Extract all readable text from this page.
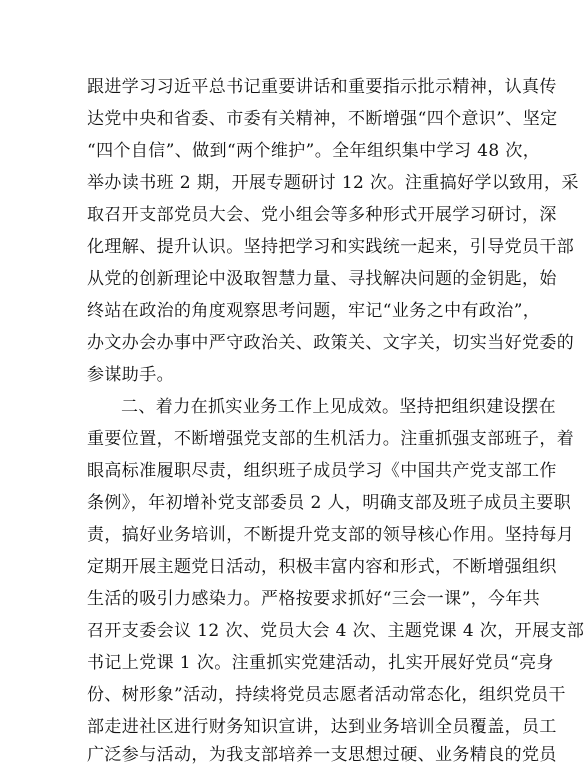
跟进学习习近平总书记重要讲话和重要指示批示精神，认真传
达党中央和省委、市委有关精神，不断增强“四个意识”、坚定
“四个自信”、做到“两个维护”。全年组织集中学习 48 次，
举办读书班 2 期，开展专题研讨 12 次。注重搞好学以致用，采
取召开支部党员大会、党小组会等多种形式开展学习研讨，深
化理解、提升认识。坚持把学习和实践统一起来，引导党员干部
从党的创新理论中汲取智慧力量、寻找解决问题的金钥匙，始
终站在政治的角度观察思考问题，牢记“业务之中有政治”，
办文办会办事中严守政治关、政策关、文字关，切实当好党委的
参谋助手。
二、着力在抓实业务工作上见成效。坚持把组织建设摆在
重要位置，不断增强党支部的生机活力。注重抓强支部班子，着
眼高标准履职尽责，组织班子成员学习《中国共产党支部工作
条例》，年初增补党支部委员 2 人，明确支部及班子成员主要职
责，搞好业务培训，不断提升党支部的领导核心作用。坚持每月
定期开展主题党日活动，积极丰富内容和形式，不断增强组织
生活的吸引力感染力。严格按要求抓好“三会一课”，今年共
召开支委会议 12 次、党员大会 4 次、主题党课 4 次，开展支部
书记上党课 1 次。注重抓实党建活动，扎实开展好党员“亮身
份、树形象”活动，持续将党员志愿者活动常态化，组织党员干
部走进社区进行财务知识宣讲，达到业务培训全员覆盖，员工
广泛参与活动，为我支部培养一支思想过硬、业务精良的党员
